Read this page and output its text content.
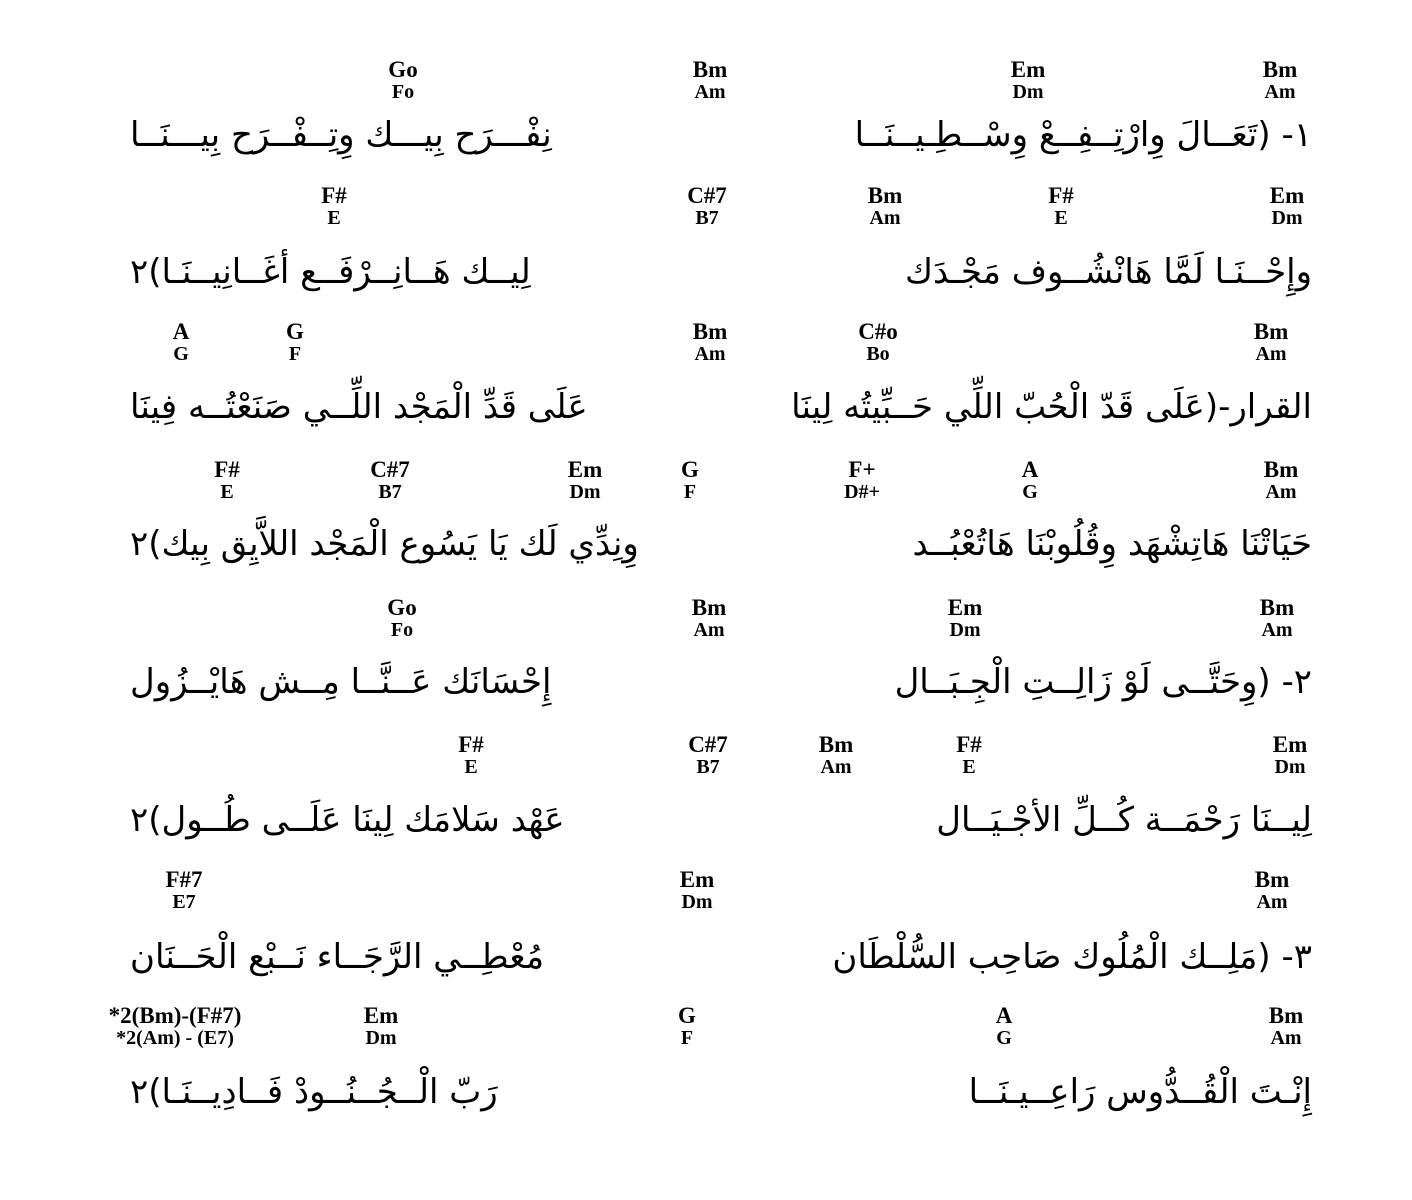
Go
Fo
Bm
Am
Em
Dm
Bm
Am
١- (تَعَــالَ وِارْتِــفِــعْ وِسْــطِـيــنَــا
نِفْـــرَح بِيـــك وِتِــفْــرَح بِيـــنَــا
F#
E
C#7
B7
Bm
Am
F#
E
Em
Dm
وإِحْــنَـا لَمَّا هَانْشُــوف مَجْـدَك
لِيــك هَــانِــرْفَــع أغَــانِيــنَـا)٢
A
G
G
F
Bm
Am
C#o
Bo
Bm
Am
القرار-(عَلَى قَدّ الْحُبّ اللِّي حَــبِّيتُه لِينَا
عَلَى قَدِّ الْمَجْد اللِّــي صَنَعْتُــه فِينَا
F#
E
C#7
B7
Em
Dm
G
F
F+
D#+
A
G
Bm
Am
حَيَاتْنَا هَاتِشْهَد وِقُلُوبْنَا هَاتُعْبُــد
وِنِدِّي لَك يَا يَسُوع الْمَجْد اللاَّيِق بِيك)٢
Go
Fo
Bm
Am
Em
Dm
Bm
Am
٢- (وِحَتَّــى لَوْ زَالِــتِ الْجِـبَــال
إِحْسَانَك عَــنَّــا مِــش هَايْــزُول
F#
E
C#7
B7
Bm
Am
F#
E
Em
Dm
لِيــنَا رَحْمَــة كُــلِّ الأجْـيَــال
عَهْد سَلامَك لِينَا عَلَــى طُــول)٢
F#7
E7
Em
Dm
Bm
Am
٣- (مَلِــك الْمُلُوك صَاحِب السُّلْطَان
مُعْطِــي الرَّجَــاء نَــبْع الْحَــنَان
*2(Bm)-(F#7)
*2(Am) - (E7)
Em
Dm
G
F
A
G
Bm
Am
إِنْـتَ الْقُــدُّوس رَاعِــيـنَــا
رَبّ الْــجُــنُــودْ فَــادِيــنَـا)٢
